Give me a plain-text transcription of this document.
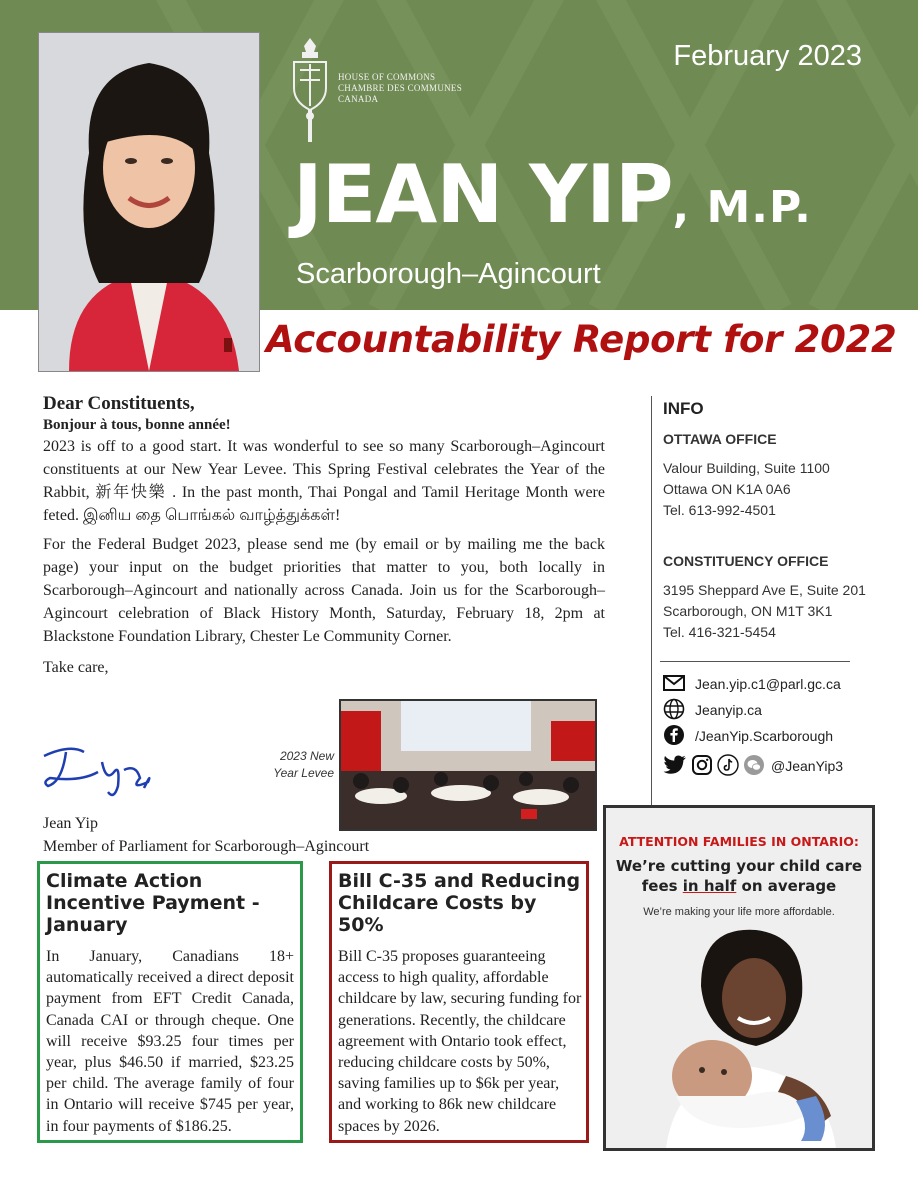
HOUSE OF COMMONS
CHAMBRE DES COMMUNES
CANADA
February 2023
JEAN YIP, M.P.
Scarborough–Agincourt
Accountability Report for 2022
Dear Constituents,
Bonjour à tous, bonne année!

2023 is off to a good start. It was wonderful to see so many Scarborough–Agincourt constituents at our New Year Levee. This Spring Festival celebrates the Year of the Rabbit, 新年快樂 . In the past month, Thai Pongal and Tamil Heritage Month were feted. இனிய தை பொங்கல் வாழ்த்துக்கள்!

For the Federal Budget 2023, please send me (by email or by mailing me the back page) your input on the budget priorities that matter to you, both locally in Scarborough–Agincourt and nationally across Canada. Join us for the Scarborough–Agincourt celebration of Black History Month, Saturday, February 18, 2pm at Blackstone Foundation Library, Chester Le Community Corner.

Take care,
Jean Yip
Member of Parliament for Scarborough–Agincourt
2023 New
Year Levee
INFO
OTTAWA OFFICE
Valour Building, Suite 1100
Ottawa ON K1A 0A6
Tel. 613-992-4501
CONSTITUENCY OFFICE
3195 Sheppard Ave E, Suite 201
Scarborough, ON M1T 3K1
Tel. 416-321-5454
Jean.yip.c1@parl.gc.ca
Jeanyip.ca
/JeanYip.Scarborough
@JeanYip3
Climate Action Incentive Payment - January
In January, Canadians 18+ automatically received a direct deposit payment from EFT Credit Canada, Canada CAI or through cheque. One will receive $93.25 four times per year, plus $46.50 if married, $23.25 per child. The average family of four in Ontario will receive $745 per year, in four payments of $186.25.
Bill C-35 and Reducing Childcare Costs by 50%
Bill C-35 proposes guaranteeing access to high quality, affordable childcare by law, securing funding for generations. Recently, the childcare agreement with Ontario took effect, reducing childcare costs by 50%, saving families up to $6k per year, and working to 86k new childcare spaces by 2026.
ATTENTION FAMILIES IN ONTARIO:
We’re cutting your child care
fees in half on average
We’re making your life more affordable.
